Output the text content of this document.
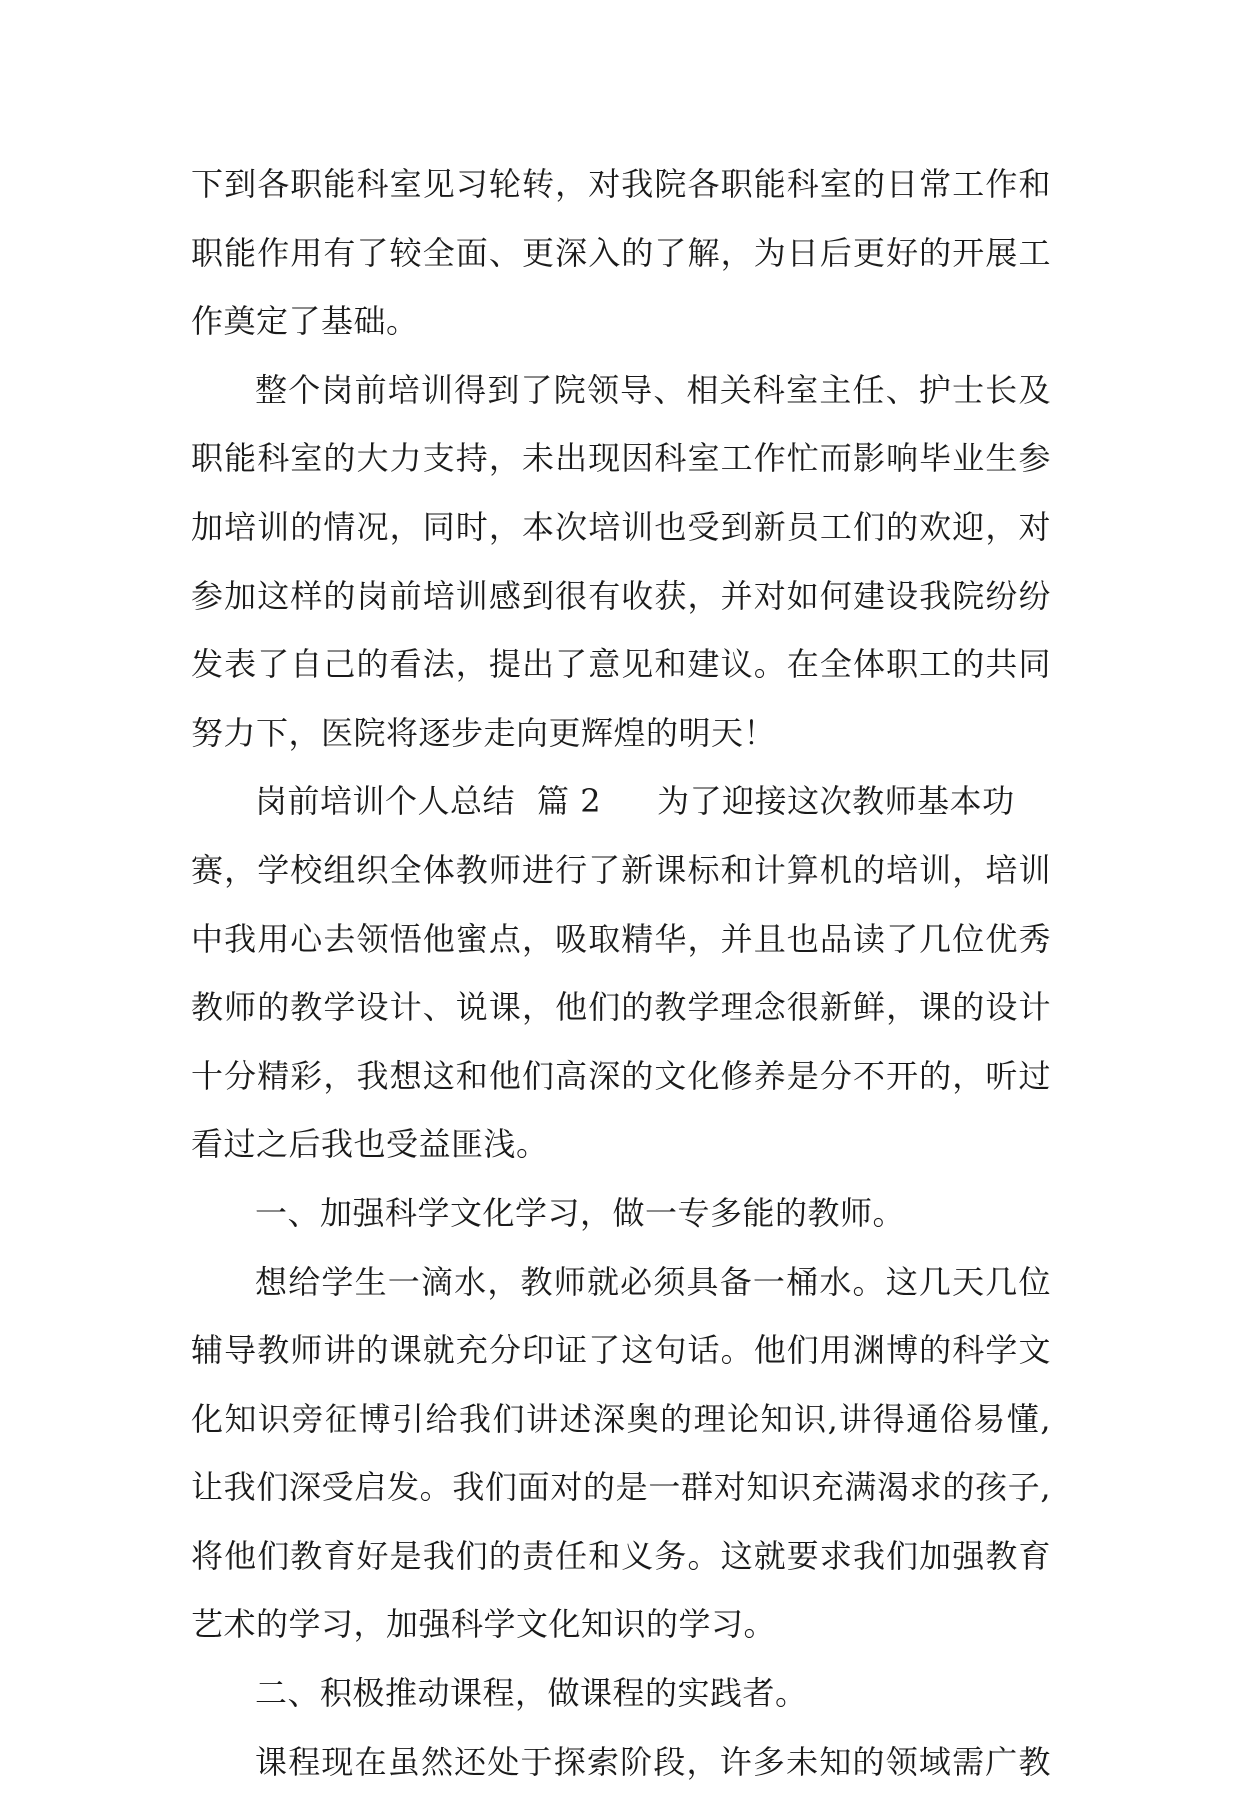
下到各职能科室见习轮转，对我院各职能科室的日常工作和
职能作用有了较全面、更深入的了解，为日后更好的开展工
作奠定了基础。
整个岗前培训得到了院领导、相关科室主任、护士长及
职能科室的大力支持，未出现因科室工作忙而影响毕业生参
加培训的情况，同时，本次培训也受到新员工们的欢迎，对
参加这样的岗前培训感到很有收获，并对如何建设我院纷纷
发表了自己的看法，提出了意见和建议。在全体职工的共同
努力下，医院将逐步走向更辉煌的明天！
岗前培训个人总结 篇 2 为了迎接这次教师基本功
赛，学校组织全体教师进行了新课标和计算机的培训，培训
中我用心去领悟他蜜点，吸取精华，并且也品读了几位优秀
教师的教学设计、说课，他们的教学理念很新鲜，课的设计
十分精彩，我想这和他们高深的文化修养是分不开的，听过
看过之后我也受益匪浅。
一、加强科学文化学习，做一专多能的教师。
想给学生一滴水，教师就必须具备一桶水。这几天几位
辅导教师讲的课就充分印证了这句话。他们用渊博的科学文
化知识旁征博引给我们讲述深奥的理论知识,讲得通俗易懂,
让我们深受启发。我们面对的是一群对知识充满渴求的孩子,
将他们教育好是我们的责任和义务。这就要求我们加强教育
艺术的学习，加强科学文化知识的学习。
二、积极推动课程，做课程的实践者。
课程现在虽然还处于探索阶段，许多未知的领域需广教
